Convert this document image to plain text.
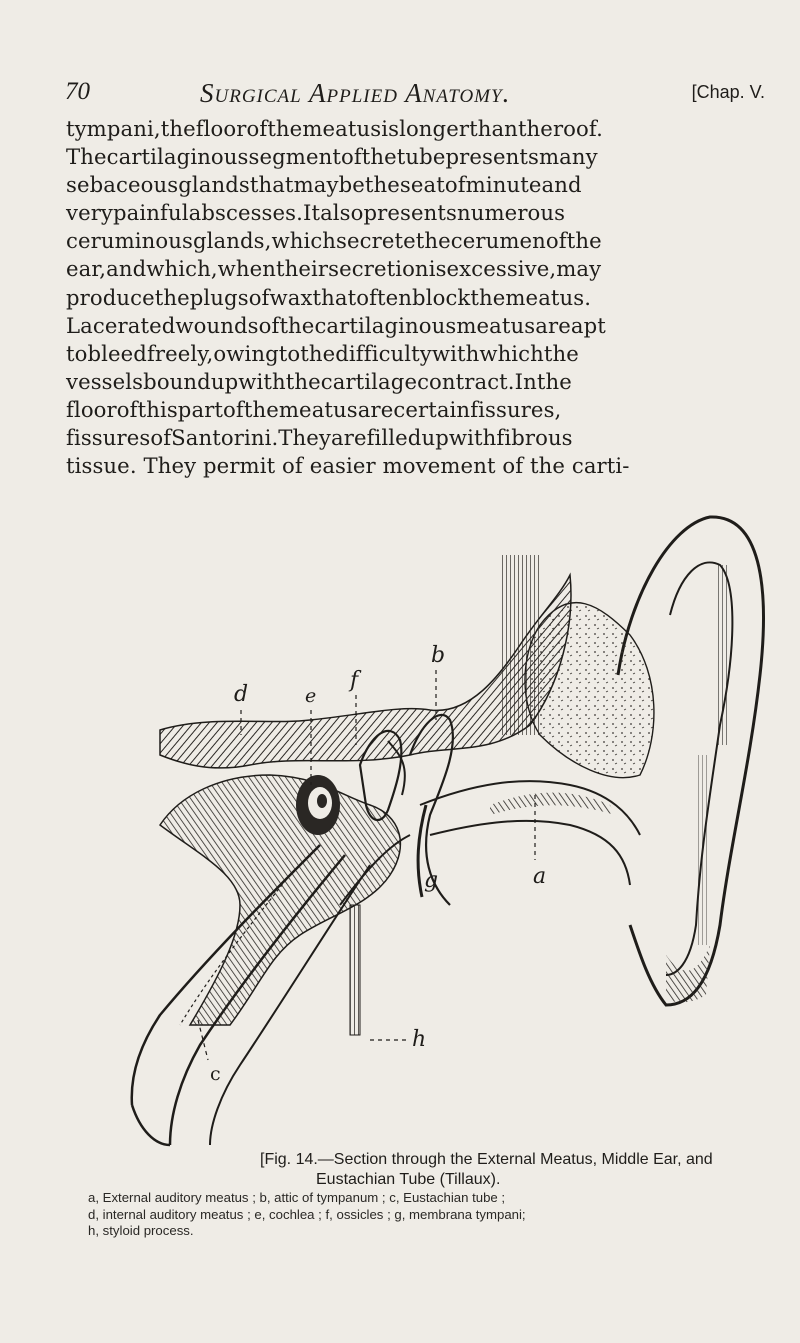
70	Surgical Applied Anatomy.	[Chap. V.
tympani,thefloorofthemeatusislongerthantheroof.
Thecartilaginoussegmentofthetubepresentsmany
sebaceousglandsthatmaybetheseatofminuteand
verypainfulabscesses.Italsopresentsnumerous
ceruminousglands,whichsecretethecerumenofthe
ear,andwhich,whentheirsecretionisexcessive,may
producetheplugsofwaxthatoftenblockthemeatus.
Laceratedwoundsofthecartilaginousmeatusareapt
tobleedfreely,owingtothedifficultywithwhichthe
vesselsboundupwiththecartilagecontract.Inthe
floorofthispartofthemeatusarecertainfissures,
fissuresofSantorini.Theyarefilledupwithfibrous
tissue. They permit of easier movement of the carti-
a
b
c
d	e
f
g
h
[Fig. 14.—Section through the External Meatus, Middle Ear, and
Eustachian Tube (Tillaux).
a, External auditory meatus ; b, attic of tympanum ; c, Eustachian tube ;
d, internal auditory meatus ; e, cochlea ; f, ossicles ; g, membrana tympani;
h, styloid process.
